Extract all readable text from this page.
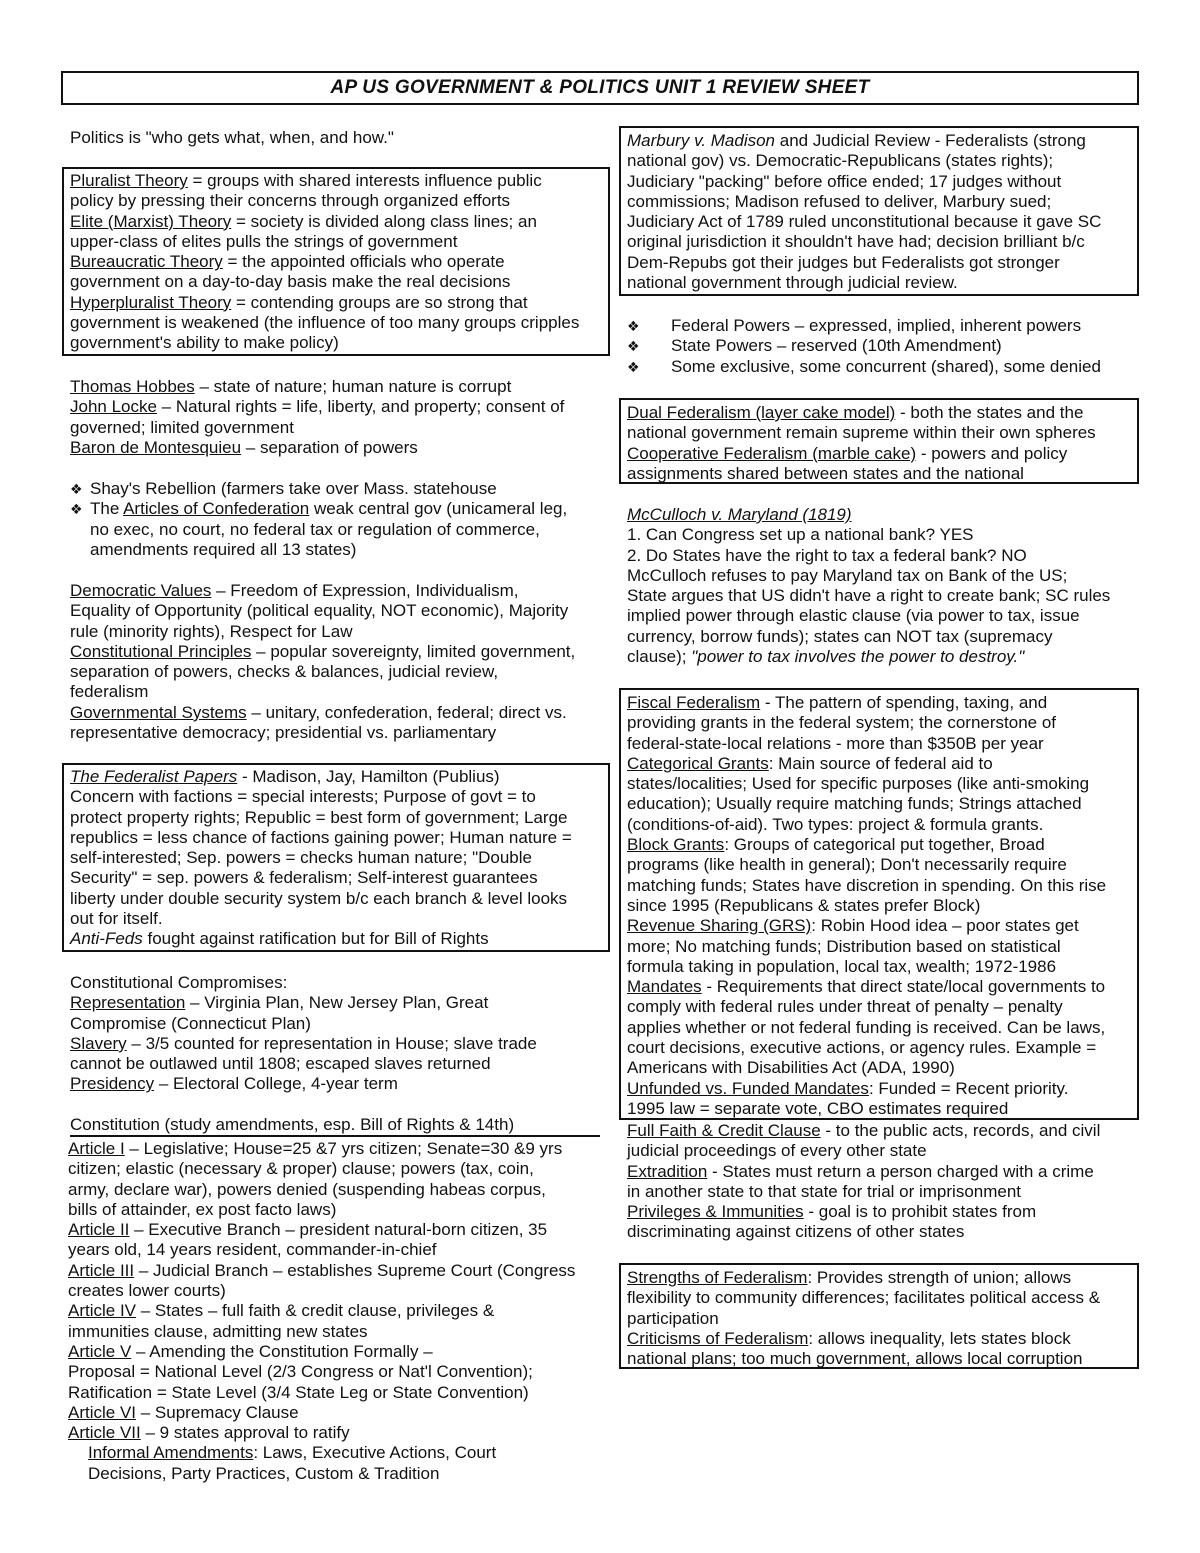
AP US GOVERNMENT & POLITICS UNIT 1 REVIEW SHEET
Politics is "who gets what, when, and how."
Pluralist Theory = groups with shared interests influence public
policy by pressing their concerns through organized efforts
Elite (Marxist) Theory = society is divided along class lines; an
upper-class of elites pulls the strings of government
Bureaucratic Theory = the appointed officials who operate
government on a day-to-day basis make the real decisions
Hyperpluralist Theory = contending groups are so strong that
government is weakened (the influence of too many groups cripples
government's ability to make policy)
Thomas Hobbes – state of nature; human nature is corrupt
John Locke – Natural rights = life, liberty, and property; consent of
governed; limited government
Baron de Montesquieu – separation of powers
❖ Shay's Rebellion (farmers take over Mass. statehouse
❖ The Articles of Confederation weak central gov (unicameral leg,
no exec, no court, no federal tax or regulation of commerce,
amendments required all 13 states)
Democratic Values – Freedom of Expression, Individualism,
Equality of Opportunity (political equality, NOT economic), Majority
rule (minority rights), Respect for Law
Constitutional Principles – popular sovereignty, limited government,
separation of powers, checks & balances, judicial review,
federalism
Governmental Systems – unitary, confederation, federal; direct vs.
representative democracy; presidential vs. parliamentary
The Federalist Papers - Madison, Jay, Hamilton (Publius)
Concern with factions = special interests; Purpose of govt = to
protect property rights; Republic = best form of government; Large
republics = less chance of factions gaining power; Human nature =
self-interested; Sep. powers = checks human nature; "Double
Security" = sep. powers & federalism; Self-interest guarantees
liberty under double security system b/c each branch & level looks
out for itself.
Anti-Feds fought against ratification but for Bill of Rights
Constitutional Compromises:
Representation – Virginia Plan, New Jersey Plan, Great
Compromise (Connecticut Plan)
Slavery – 3/5 counted for representation in House; slave trade
cannot be outlawed until 1808; escaped slaves returned
Presidency – Electoral College, 4-year term
Constitution (study amendments, esp. Bill of Rights & 14th)
Article I – Legislative; House=25 &7 yrs citizen; Senate=30 &9 yrs
citizen; elastic (necessary & proper) clause; powers (tax, coin,
army, declare war), powers denied (suspending habeas corpus,
bills of attainder, ex post facto laws)
Article II – Executive Branch – president natural-born citizen, 35
years old, 14 years resident, commander-in-chief
Article III – Judicial Branch – establishes Supreme Court (Congress
creates lower courts)
Article IV – States – full faith & credit clause, privileges &
immunities clause, admitting new states
Article V – Amending the Constitution Formally –
Proposal = National Level (2/3 Congress or Nat'l Convention);
Ratification = State Level (3/4 State Leg or State Convention)
Article VI – Supremacy Clause
Article VII – 9 states approval to ratify
Informal Amendments: Laws, Executive Actions, Court
Decisions, Party Practices, Custom & Tradition
Marbury v. Madison and Judicial Review - Federalists (strong
national gov) vs. Democratic-Republicans (states rights);
Judiciary "packing" before office ended; 17 judges without
commissions; Madison refused to deliver, Marbury sued;
Judiciary Act of 1789 ruled unconstitutional because it gave SC
original jurisdiction it shouldn't have had; decision brilliant b/c
Dem-Repubs got their judges but Federalists got stronger
national government through judicial review.
❖ Federal Powers – expressed, implied, inherent powers
❖ State Powers – reserved (10th Amendment)
❖ Some exclusive, some concurrent (shared), some denied
Dual Federalism (layer cake model) - both the states and the
national government remain supreme within their own spheres
Cooperative Federalism (marble cake) - powers and policy
assignments shared between states and the national
McCulloch v. Maryland (1819)
1. Can Congress set up a national bank? YES
2. Do States have the right to tax a federal bank? NO
McCulloch refuses to pay Maryland tax on Bank of the US;
State argues that US didn't have a right to create bank; SC rules
implied power through elastic clause (via power to tax, issue
currency, borrow funds); states can NOT tax (supremacy
clause); "power to tax involves the power to destroy."
Fiscal Federalism - The pattern of spending, taxing, and
providing grants in the federal system; the cornerstone of
federal-state-local relations - more than $350B per year
Categorical Grants: Main source of federal aid to
states/localities; Used for specific purposes (like anti-smoking
education); Usually require matching funds; Strings attached
(conditions-of-aid). Two types: project & formula grants.
Block Grants: Groups of categorical put together, Broad
programs (like health in general); Don't necessarily require
matching funds; States have discretion in spending. On this rise
since 1995 (Republicans & states prefer Block)
Revenue Sharing (GRS): Robin Hood idea – poor states get
more; No matching funds; Distribution based on statistical
formula taking in population, local tax, wealth; 1972-1986
Mandates - Requirements that direct state/local governments to
comply with federal rules under threat of penalty – penalty
applies whether or not federal funding is received. Can be laws,
court decisions, executive actions, or agency rules. Example =
Americans with Disabilities Act (ADA, 1990)
Unfunded vs. Funded Mandates: Funded = Recent priority.
1995 law = separate vote, CBO estimates required
Full Faith & Credit Clause - to the public acts, records, and civil
judicial proceedings of every other state
Extradition - States must return a person charged with a crime
in another state to that state for trial or imprisonment
Privileges & Immunities - goal is to prohibit states from
discriminating against citizens of other states
Strengths of Federalism: Provides strength of union; allows
flexibility to community differences; facilitates political access &
participation
Criticisms of Federalism: allows inequality, lets states block
national plans; too much government, allows local corruption
